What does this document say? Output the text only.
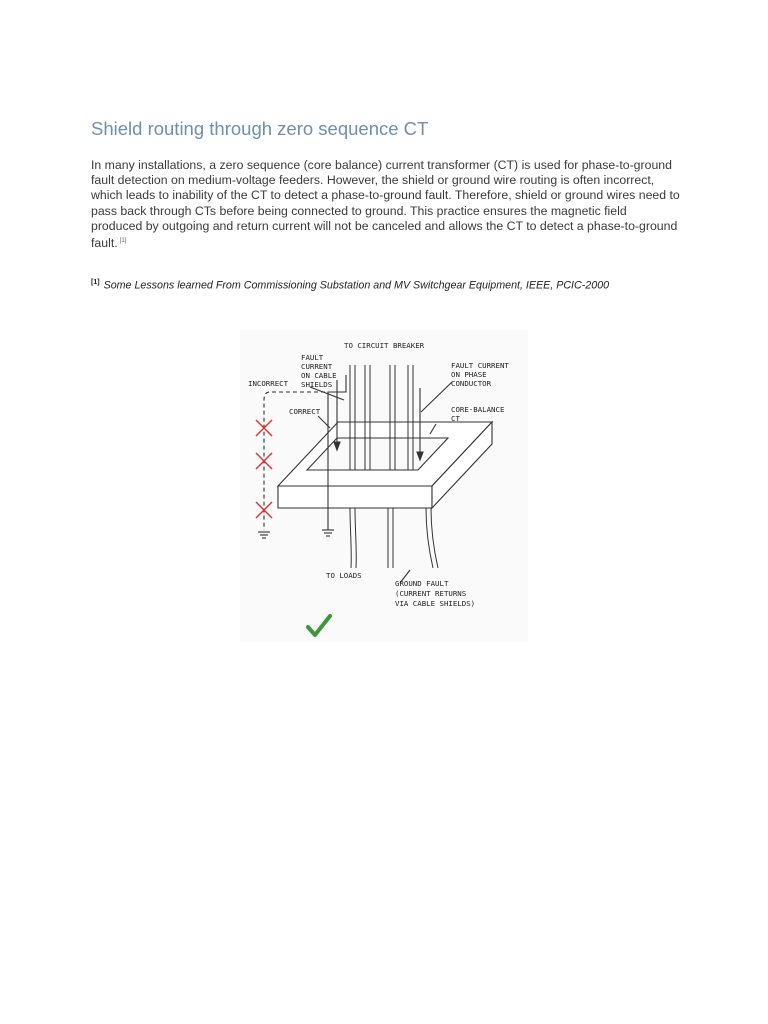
Shield routing through zero sequence CT

In many installations, a zero sequence (core balance) current transformer (CT) is used for phase-to-ground fault detection on medium-voltage feeders. However, the shield or ground wire routing is often incorrect, which leads to inability of the CT to detect a phase-to-ground fault. Therefore, shield or ground wires need to pass back through CTs before being connected to ground. This practice ensures the magnetic field produced by outgoing and return current will not be canceled and allows the CT to detect a phase-to-ground fault. [1]

[1] Some Lessons learned From Commissioning Substation and MV Switchgear Equipment, IEEE, PCIC-2000

TO CIRCUIT BREAKER
FAULT
CURRENT
ON CABLE
SHIELDS
FAULT CURRENT
ON PHASE
CONDUCTOR
INCORRECT
CORRECT	CORE-BALANCE
CT
TO LOADS
GROUND FAULT
(CURRENT RETURNS
VIA CABLE SHIELDS)
